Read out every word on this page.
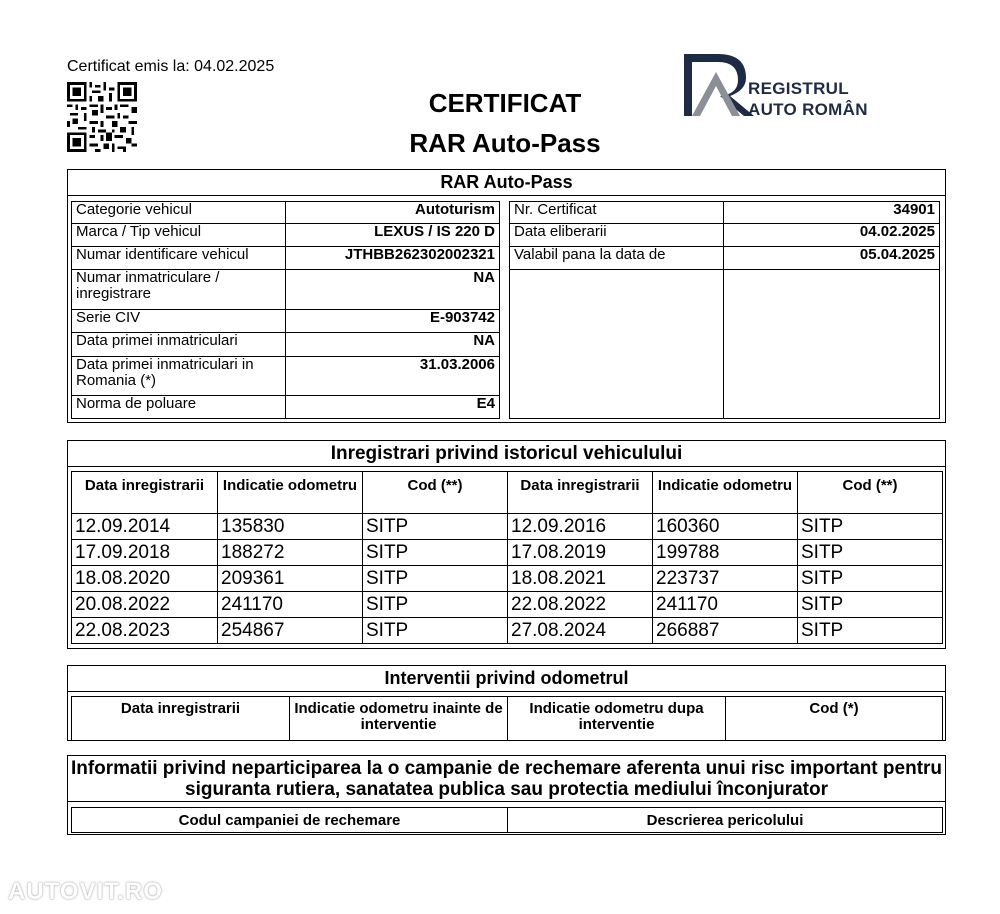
Certificat emis la: 04.02.2025
CERTIFICAT
RAR Auto-Pass
REGISTRUL
AUTO ROMÂN
RAR Auto-Pass
Categorie vehicul	Autoturism
Marca / Tip vehicul	LEXUS / IS 220 D
Numar identificare vehicul	JTHBB262302002321
Numar inmatriculare / inregistrare	NA
Serie CIV	E-903742
Data primei inmatriculari	NA
Data primei inmatriculari in Romania (*)	31.03.2006
Norma de poluare	E4
Nr. Certificat	34901
Data eliberarii	04.02.2025
Valabil pana la data de	05.04.2025

Inregistrari privind istoricul vehiculului
Data inregistrarii	Indicatie odometru	Cod (**)	Data inregistrarii	Indicatie odometru	Cod (**)
12.09.2014	135830	SITP	12.09.2016	160360	SITP
17.09.2018	188272	SITP	17.08.2019	199788	SITP
18.08.2020	209361	SITP	18.08.2021	223737	SITP
20.08.2022	241170	SITP	22.08.2022	241170	SITP
22.08.2023	254867	SITP	27.08.2024	266887	SITP
Interventii privind odometrul
Data inregistrarii	Indicatie odometru inainte de interventie	Indicatie odometru dupa interventie	Cod (*)
Informatii privind neparticiparea la o campanie de rechemare aferenta unui risc important pentru siguranta rutiera, sanatatea publica sau protectia mediului înconjurator
Codul campaniei de rechemare	Descrierea pericolului
AUTOVIT.RO
